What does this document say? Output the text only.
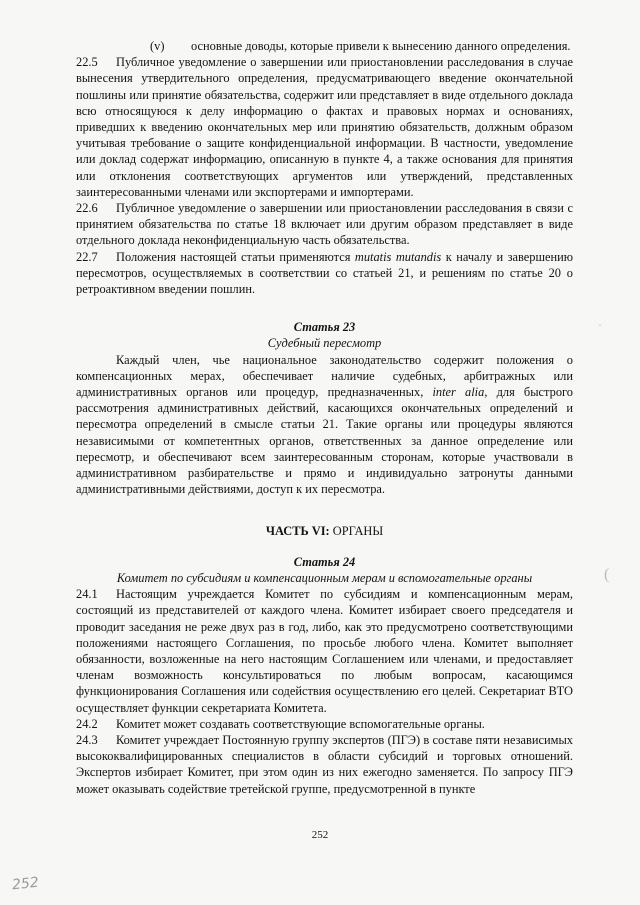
(v) основные доводы, которые привели к вынесению данного определения.

22.5 Публичное уведомление о завершении или приостановлении расследования в случае вынесения утвердительного определения, предусматривающего введение окончательной пошлины или принятие обязательства, содержит или представляет в виде отдельного доклада всю относящуюся к делу информацию о фактах и правовых нормах и основаниях, приведших к введению окончательных мер или принятию обязательств, должным образом учитывая требование о защите конфиденциальной информации. В частности, уведомление или доклад содержат информацию, описанную в пункте 4, а также основания для принятия или отклонения соответствующих аргументов или утверждений, представленных заинтересованными членами или экспортерами и импортерами.

22.6 Публичное уведомление о завершении или приостановлении расследования в связи с принятием обязательства по статье 18 включает или другим образом представляет в виде отдельного доклада неконфиденциальную часть обязательства.

22.7 Положения настоящей статьи применяются mutatis mutandis к началу и завершению пересмотров, осуществляемых в соответствии со статьей 21, и решениям по статье 20 о ретроактивном введении пошлин.

Статья 23

Судебный пересмотр

Каждый член, чье национальное законодательство содержит положения о компенсационных мерах, обеспечивает наличие судебных, арбитражных или административных органов или процедур, предназначенных, inter alia, для быстрого рассмотрения административных действий, касающихся окончательных определений и пересмотра определений в смысле статьи 21. Такие органы или процедуры являются независимыми от компетентных органов, ответственных за данное определение или пересмотр, и обеспечивают всем заинтересованным сторонам, которые участвовали в административном разбирательстве и прямо и индивидуально затронуты данными административными действиями, доступ к их пересмотра.

ЧАСТЬ VI: ОРГАНЫ

Статья 24

Комитет по субсидиям и компенсационным мерам и вспомогательные органы

24.1 Настоящим учреждается Комитет по субсидиям и компенсационным мерам, состоящий из представителей от каждого члена. Комитет избирает своего председателя и проводит заседания не реже двух раз в год, либо, как это предусмотрено соответствующими положениями настоящего Соглашения, по просьбе любого члена. Комитет выполняет обязанности, возложенные на него настоящим Соглашением или членами, и предоставляет членам возможность консультироваться по любым вопросам, касающимся функционирования Соглашения или содействия осуществлению его целей. Секретариат ВТО осуществляет функции секретариата Комитета.

24.2 Комитет может создавать соответствующие вспомогательные органы.

24.3 Комитет учреждает Постоянную группу экспертов (ПГЭ) в составе пяти независимых высококвалифицированных специалистов в области субсидий и торговых отношений. Экспертов избирает Комитет, при этом один из них ежегодно заменяется. По запросу ПГЭ может оказывать содействие третейской группе, предусмотренной в пункте

252
252
·
(
